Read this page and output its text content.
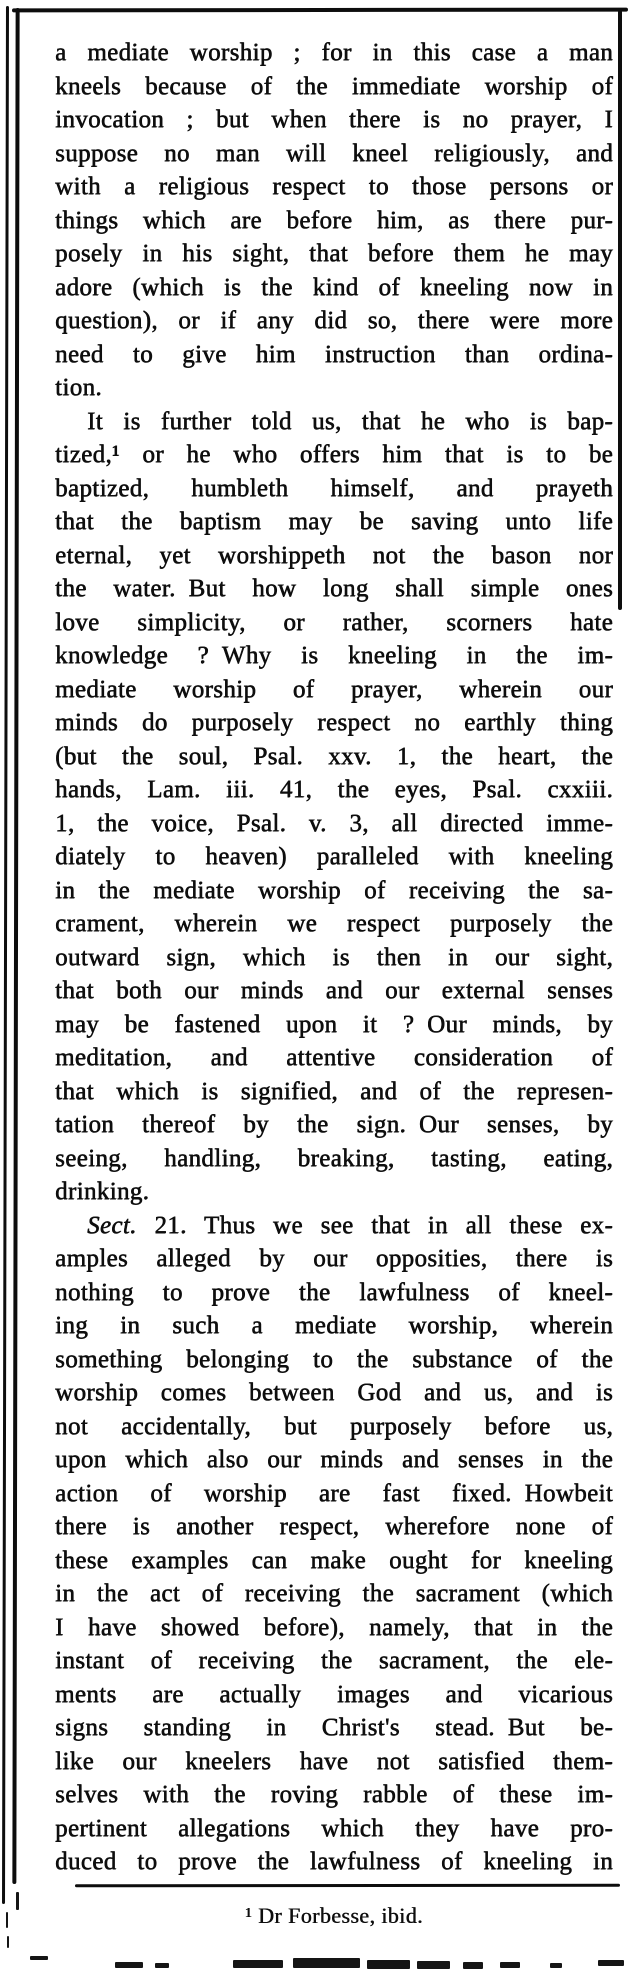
a mediate worship ; for in this case a man
kneels because of the immediate worship of
invocation ; but when there is no prayer, I
suppose no man will kneel religiously, and
with a religious respect to those persons or
things which are before him, as there pur-
posely in his sight, that before them he may
adore (which is the kind of kneeling now in
question), or if any did so, there were more
need to give him instruction than ordina-
tion.
It is further told us, that he who is bap-
tized,¹ or he who offers him that is to be
baptized, humbleth himself, and prayeth
that the baptism may be saving unto life
eternal, yet worshippeth not the bason nor
the water. But how long shall simple ones
love simplicity, or rather, scorners hate
knowledge ? Why is kneeling in the im-
mediate worship of prayer, wherein our
minds do purposely respect no earthly thing
(but the soul, Psal. xxv. 1, the heart, the
hands, Lam. iii. 41, the eyes, Psal. cxxiii.
1, the voice, Psal. v. 3, all directed imme-
diately to heaven) paralleled with kneeling
in the mediate worship of receiving the sa-
crament, wherein we respect purposely the
outward sign, which is then in our sight,
that both our minds and our external senses
may be fastened upon it ? Our minds, by
meditation, and attentive consideration of
that which is signified, and of the represen-
tation thereof by the sign. Our senses, by
seeing, handling, breaking, tasting, eating,
drinking.
Sect. 21. Thus we see that in all these ex-
amples alleged by our opposities, there is
nothing to prove the lawfulness of kneel-
ing in such a mediate worship, wherein
something belonging to the substance of the
worship comes between God and us, and is
not accidentally, but purposely before us,
upon which also our minds and senses in the
action of worship are fast fixed. Howbeit
there is another respect, wherefore none of
these examples can make ought for kneeling
in the act of receiving the sacrament (which
I have showed before), namely, that in the
instant of receiving the sacrament, the ele-
ments are actually images and vicarious
signs standing in Christ's stead. But be-
like our kneelers have not satisfied them-
selves with the roving rabble of these im-
pertinent allegations which they have pro-
duced to prove the lawfulness of kneeling in
¹ Dr Forbesse, ibid.
